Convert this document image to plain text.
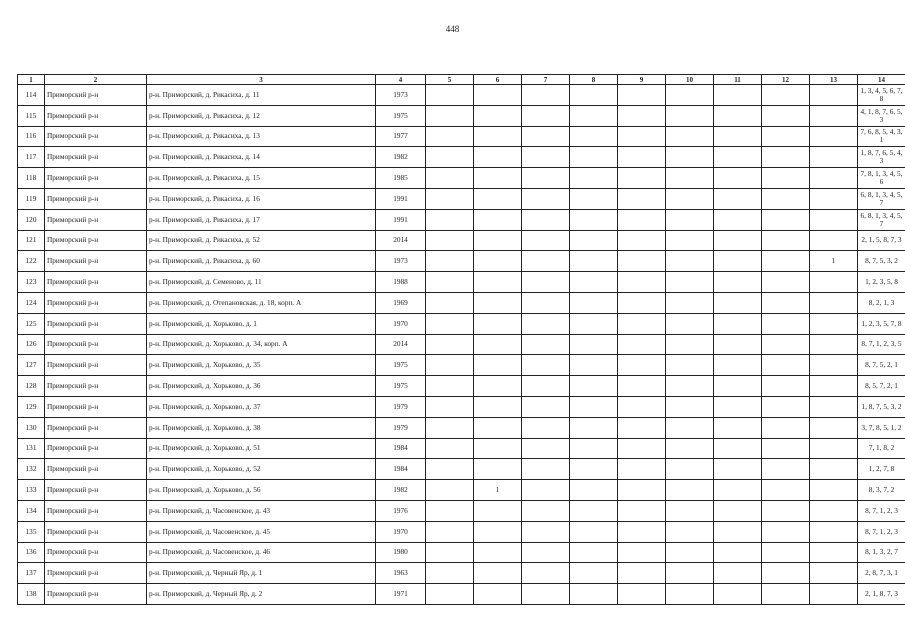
448
1	2	3	4	5	6	7	8	9	10	11	12	13	14
114	Приморский р-н	р-н. Приморский, д. Рикасиха, д. 11	1973										1, 3, 4, 5, 6, 7, 8
115	Приморский р-н	р-н. Приморский, д. Рикасиха, д. 12	1975										4, 1, 8, 7, 6, 5, 3
116	Приморский р-н	р-н. Приморский, д. Рикасиха, д. 13	1977										7, 6, 8, 5, 4, 3, 1
117	Приморский р-н	р-н. Приморский, д. Рикасиха, д. 14	1982										1, 8, 7, 6, 5, 4, 3
118	Приморский р-н	р-н. Приморский, д. Рикасиха, д. 15	1985										7, 8, 1, 3, 4, 5, 6
119	Приморский р-н	р-н. Приморский, д. Рикасиха, д. 16	1991										6, 8, 1, 3, 4, 5, 7
120	Приморский р-н	р-н. Приморский, д. Рикасиха, д. 17	1991										6, 8, 1, 3, 4, 5, 7
121	Приморский р-н	р-н. Приморский, д. Рикасиха, д. 52	2014										2, 1, 5, 8, 7, 3
122	Приморский р-н	р-н. Приморский, д. Рикасиха, д. 60	1973									1	8, 7, 5, 3, 2
123	Приморский р-н	р-н. Приморский, д. Семеново, д. 11	1988										1, 2, 3, 5, 8
124	Приморский р-н	р-н. Приморский, д. Отепановская, д. 18, корп. А	1969										8, 2, 1, 3
125	Приморский р-н	р-н. Приморский, д. Хорьково, д. 1	1970										1, 2, 3, 5, 7, 8
126	Приморский р-н	р-н. Приморский, д. Хорьково, д. 34, корп. А	2014										8, 7, 1, 2, 3, 5
127	Приморский р-н	р-н. Приморский, д. Хорьково, д. 35	1975										8, 7, 5, 2, 1
128	Приморский р-н	р-н. Приморский, д. Хорьково, д. 36	1975										8, 5, 7, 2, 1
129	Приморский р-н	р-н. Приморский, д. Хорьково, д. 37	1979										1, 8, 7, 5, 3, 2
130	Приморский р-н	р-н. Приморский, д. Хорьково, д. 38	1979										3, 7, 8, 5, 1, 2
131	Приморский р-н	р-н. Приморский, д. Хорьково, д. 51	1984										7, 1, 8, 2
132	Приморский р-н	р-н. Приморский, д. Хорьково, д. 52	1984										1, 2, 7, 8
133	Приморский р-н	р-н. Приморский, д. Хорьково, д. 56	1982		1								8, 3, 7, 2
134	Приморский р-н	р-н. Приморский, д. Часовенское, д. 43	1976										8, 7, 1, 2, 3
135	Приморский р-н	р-н. Приморский, д. Часовенское, д. 45	1970										8, 7, 1, 2, 3
136	Приморский р-н	р-н. Приморский, д. Часовенское, д. 46	1980										8, 1, 3, 2, 7
137	Приморский р-н	р-н. Приморский, д. Черный Яр, д. 1	1963										2, 8, 7, 3, 1
138	Приморский р-н	р-н. Приморский, д. Черный Яр, д. 2	1971										2, 1, 8, 7, 3
